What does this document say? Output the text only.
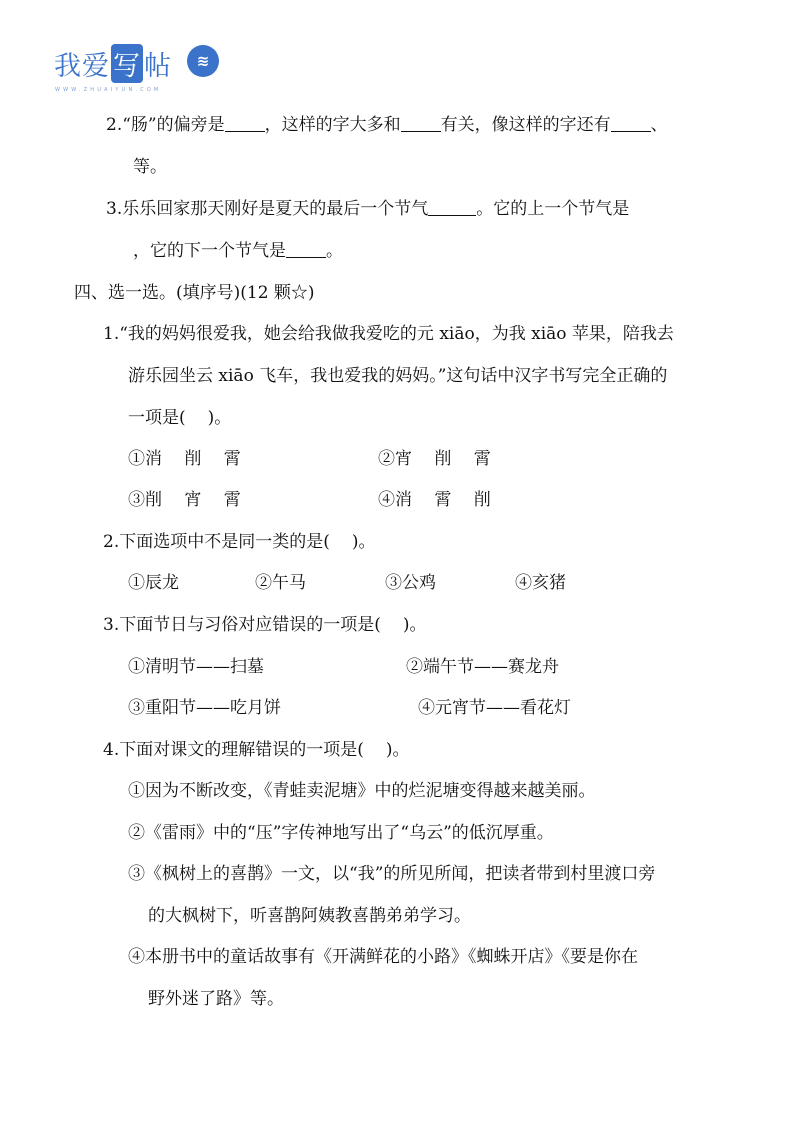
我爱 写 帖	≋
WWW.ZHUAIYUN.COM
2.“肠”的偏旁是 ，这样的字大多和 有关，像这样的字还有 、
等。
3.乐乐回家那天刚好是夏天的最后一个节气	。它的上一个节气是
，它的下一个节气是 。
四、选一选。(填序号)(12 颗☆)
1.“我的妈妈很爱我，她会给我做我爱吃的元 xiāo，为我 xiāo 苹果，陪我去
游乐园坐云 xiāo 飞车，我也爱我的妈妈。”这句话中汉字书写完全正确的
一项是( )。
①消　 削　 霄	②宵　 削　 霄
③削　 宵　 霄	④消　 霄　 削
2.下面选项中不是同一类的是( )。
①辰龙	②午马	③公鸡	④亥猪
3.下面节日与习俗对应错误的一项是( )。
①清明节——扫墓	②端午节——赛龙舟
③重阳节——吃月饼	④元宵节——看花灯
4.下面对课文的理解错误的一项是( )。
①因为不断改变，《青蛙卖泥塘》中的烂泥塘变得越来越美丽。
②《雷雨》中的“压”字传神地写出了“乌云”的低沉厚重。
③《枫树上的喜鹊》一文，以“我”的所见所闻，把读者带到村里渡口旁
的大枫树下，听喜鹊阿姨教喜鹊弟弟学习。
④本册书中的童话故事有《开满鲜花的小路》《蜘蛛开店》《要是你在
野外迷了路》等。
